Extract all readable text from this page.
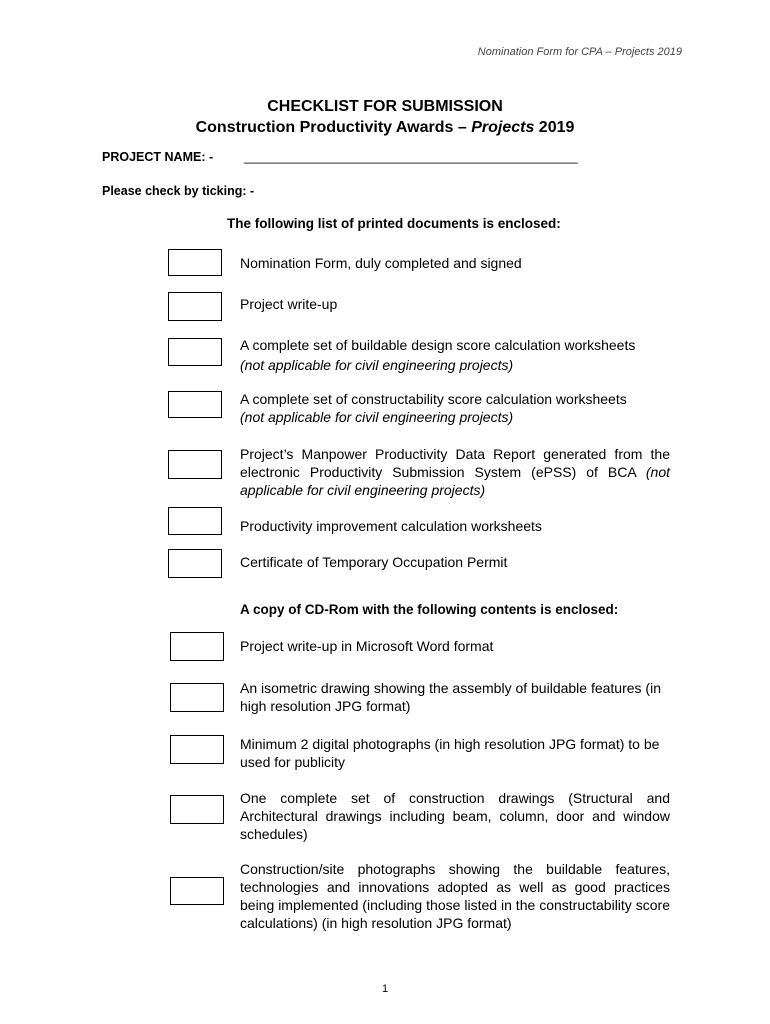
Nomination Form for CPA – Projects 2019
CHECKLIST FOR SUBMISSION
Construction Productivity Awards – Projects 2019
PROJECT NAME: - ________________________________________________
Please check by ticking: -
The following list of printed documents is enclosed:
Nomination Form, duly completed and signed
Project write-up
A complete set of buildable design score calculation worksheets
(not applicable for civil engineering projects)
A complete set of constructability score calculation worksheets
(not applicable for civil engineering projects)
Project’s Manpower Productivity Data Report generated from the electronic Productivity Submission System (ePSS) of BCA (not applicable for civil engineering projects)
Productivity improvement calculation worksheets
Certificate of Temporary Occupation Permit
A copy of CD-Rom with the following contents is enclosed:
Project write-up in Microsoft Word format
An isometric drawing showing the assembly of buildable features (in high resolution JPG format)
Minimum 2 digital photographs (in high resolution JPG format) to be used for publicity
One complete set of construction drawings (Structural and Architectural drawings including beam, column, door and window schedules)
Construction/site photographs showing the buildable features, technologies and innovations adopted as well as good practices being implemented (including those listed in the constructability score calculations) (in high resolution JPG format)
1
